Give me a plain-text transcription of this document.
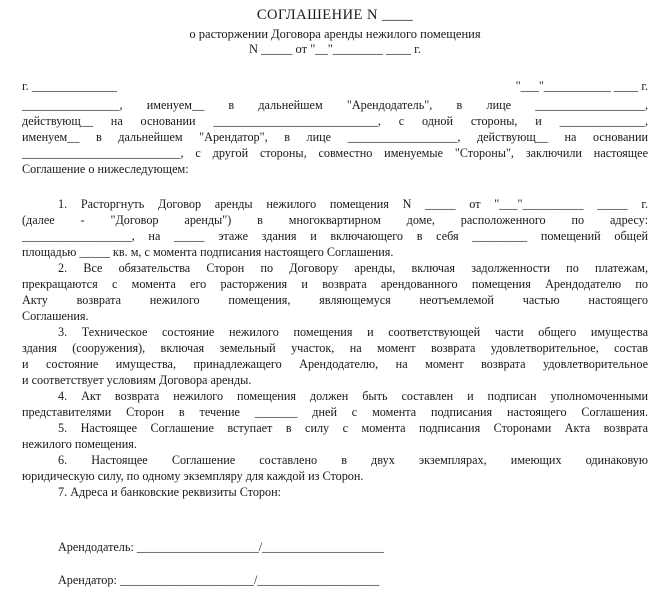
СОГЛАШЕНИЕ N ____
о расторжении Договора аренды нежилого помещения
N _____ от "__"________ ____ г.
г. ______________	"___"___________ ____ г.
________________, именуем__ в дальнейшем "Арендодатель", в лице __________________,
действующ__ на основании ___________________________, с одной стороны, и ______________,
именуем__ в дальнейшем "Арендатор", в лице __________________, действующ__ на основании
__________________________, с другой стороны, совместно именуемые "Стороны", заключили настоящее
Соглашение о нижеследующем:
1. Расторгнуть Договор аренды нежилого помещения N _____ от "___"__________ _____ г.
(далее - "Договор аренды") в многоквартирном доме, расположенного по адресу:
__________________, на _____ этаже здания и включающего в себя _________ помещений общей
площадью _____ кв. м, с момента подписания настоящего Соглашения.
2. Все обязательства Сторон по Договору аренды, включая задолженности по платежам,
прекращаются с момента его расторжения и возврата арендованного помещения Арендодателю по
Акту возврата нежилого помещения, являющемуся неотъемлемой частью настоящего
Соглашения.
3. Техническое состояние нежилого помещения и соответствующей части общего имущества
здания (сооружения), включая земельный участок, на момент возврата удовлетворительное, состав
и состояние имущества, принадлежащего Арендодателю, на момент возврата удовлетворительное
и соответствует условиям Договора аренды.
4. Акт возврата нежилого помещения должен быть составлен и подписан уполномоченными
представителями Сторон в течение _______ дней с момента подписания настоящего Соглашения.
5. Настоящее Соглашение вступает в силу с момента подписания Сторонами Акта возврата
нежилого помещения.
6. Настоящее Соглашение составлено в двух экземплярах, имеющих одинаковую
юридическую силу, по одному экземпляру для каждой из Сторон.
7. Адреса и банковские реквизиты Сторон:
Арендодатель: ____________________/____________________
Арендатор: ______________________/____________________
